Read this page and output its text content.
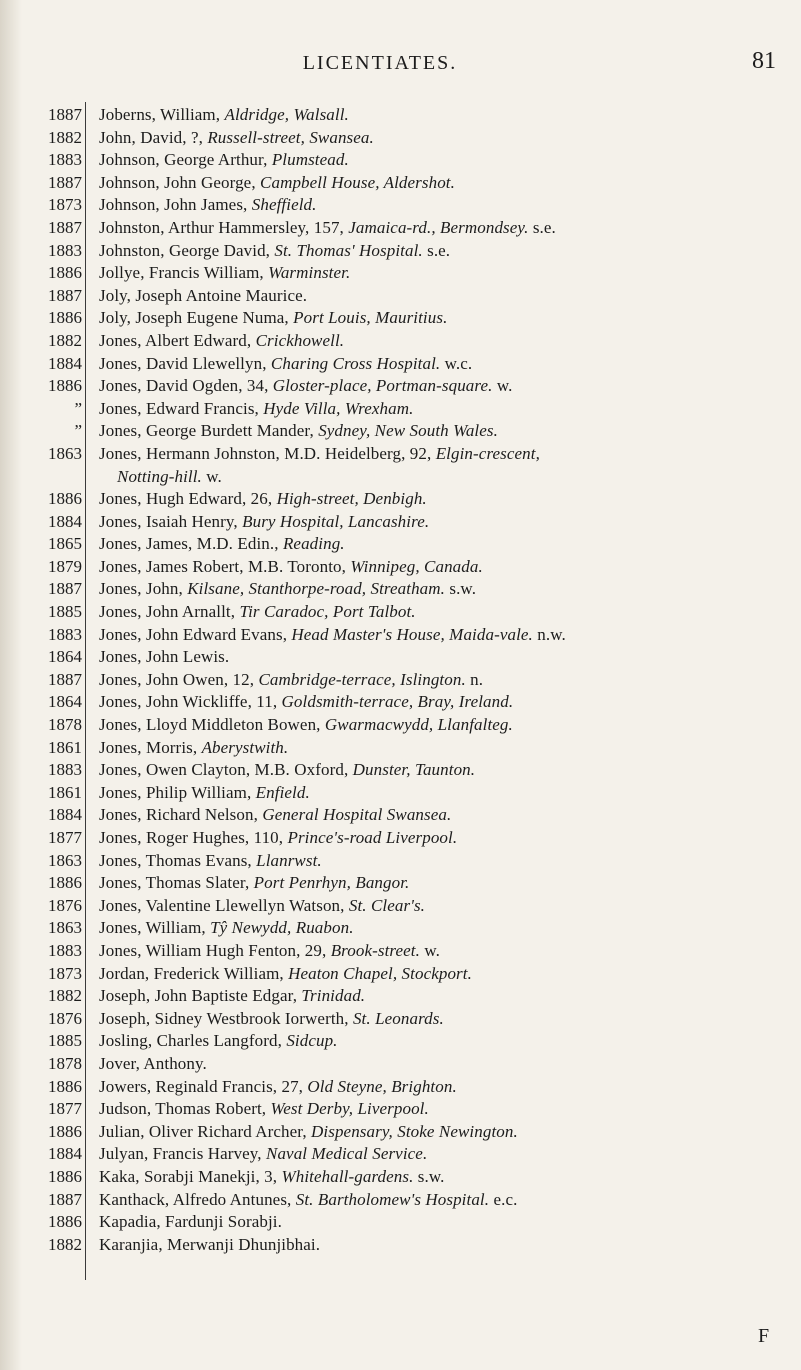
LICENTIATES.	81
1887 Joberns, William, Aldridge, Walsall.
1882 John, David, ?, Russell-street, Swansea.
1883 Johnson, George Arthur, Plumstead.
1887 Johnson, John George, Campbell House, Aldershot.
1873 Johnson, John James, Sheffield.
1887 Johnston, Arthur Hammersley, 157, Jamaica-rd., Bermondsey. s.e.
1883 Johnston, George David, St. Thomas' Hospital. s.e.
1886 Jollye, Francis William, Warminster.
1887 Joly, Joseph Antoine Maurice.
1886 Joly, Joseph Eugene Numa, Port Louis, Mauritius.
1882 Jones, Albert Edward, Crickhowell.
1884 Jones, David Llewellyn, Charing Cross Hospital. w.c.
1886 Jones, David Ogden, 34, Gloster-place, Portman-square. w.
” Jones, Edward Francis, Hyde Villa, Wrexham.
” Jones, George Burdett Mander, Sydney, New South Wales.
1863 Jones, Hermann Johnston, M.D. Heidelberg, 92, Elgin-crescent,
Notting-hill. w.
1886 Jones, Hugh Edward, 26, High-street, Denbigh.
1884 Jones, Isaiah Henry, Bury Hospital, Lancashire.
1865 Jones, James, M.D. Edin., Reading.
1879 Jones, James Robert, M.B. Toronto, Winnipeg, Canada.
1887 Jones, John, Kilsane, Stanthorpe-road, Streatham. s.w.
1885 Jones, John Arnallt, Tir Caradoc, Port Talbot.
1883 Jones, John Edward Evans, Head Master's House, Maida-vale. n.w.
1864 Jones, John Lewis.
1887 Jones, John Owen, 12, Cambridge-terrace, Islington. n.
1864 Jones, John Wickliffe, 11, Goldsmith-terrace, Bray, Ireland.
1878 Jones, Lloyd Middleton Bowen, Gwarmacwydd, Llanfalteg.
1861 Jones, Morris, Aberystwith.
1883 Jones, Owen Clayton, M.B. Oxford, Dunster, Taunton.
1861 Jones, Philip William, Enfield.
1884 Jones, Richard Nelson, General Hospital Swansea.
1877 Jones, Roger Hughes, 110, Prince's-road Liverpool.
1863 Jones, Thomas Evans, Llanrwst.
1886 Jones, Thomas Slater, Port Penrhyn, Bangor.
1876 Jones, Valentine Llewellyn Watson, St. Clear's.
1863 Jones, William, Tŷ Newydd, Ruabon.
1883 Jones, William Hugh Fenton, 29, Brook-street. w.
1873 Jordan, Frederick William, Heaton Chapel, Stockport.
1882 Joseph, John Baptiste Edgar, Trinidad.
1876 Joseph, Sidney Westbrook Iorwerth, St. Leonards.
1885 Josling, Charles Langford, Sidcup.
1878 Jover, Anthony.
1886 Jowers, Reginald Francis, 27, Old Steyne, Brighton.
1877 Judson, Thomas Robert, West Derby, Liverpool.
1886 Julian, Oliver Richard Archer, Dispensary, Stoke Newington.
1884 Julyan, Francis Harvey, Naval Medical Service.
1886 Kaka, Sorabji Manekji, 3, Whitehall-gardens. s.w.
1887 Kanthack, Alfredo Antunes, St. Bartholomew's Hospital. e.c.
1886 Kapadia, Fardunji Sorabji.
1882 Karanjia, Merwanji Dhunjibhai.
F
